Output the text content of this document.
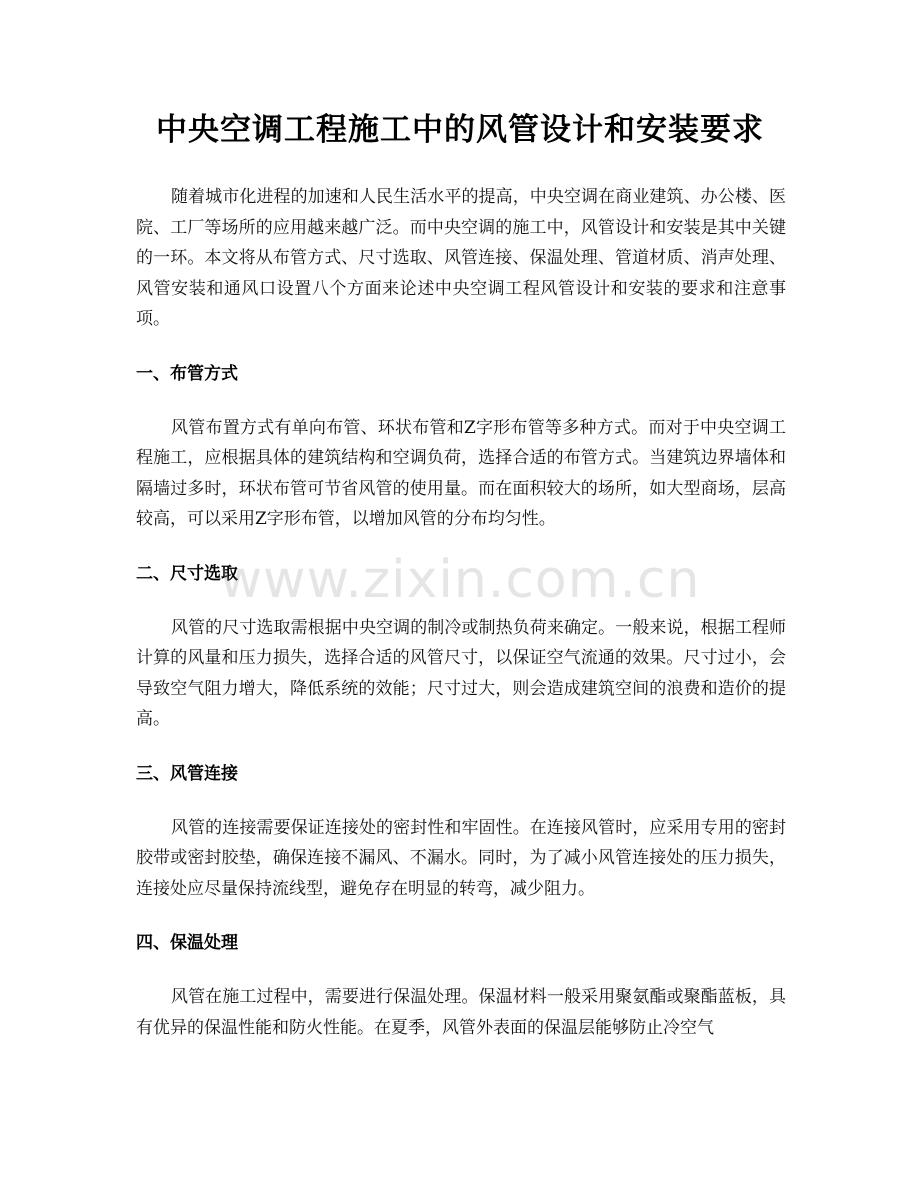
中央空调工程施工中的风管设计和安装要求

随着城市化进程的加速和人民生活水平的提高，中央空调在商业建筑、办公楼、医院、工厂等场所的应用越来越广泛。而中央空调的施工中，风管设计和安装是其中关键的一环。本文将从布管方式、尺寸选取、风管连接、保温处理、管道材质、消声处理、风管安装和通风口设置八个方面来论述中央空调工程风管设计和安装的要求和注意事项。

一、布管方式

风管布置方式有单向布管、环状布管和Z字形布管等多种方式。而对于中央空调工程施工，应根据具体的建筑结构和空调负荷，选择合适的布管方式。当建筑边界墙体和隔墙过多时，环状布管可节省风管的使用量。而在面积较大的场所，如大型商场，层高较高，可以采用Z字形布管，以增加风管的分布均匀性。

二、尺寸选取

风管的尺寸选取需根据中央空调的制冷或制热负荷来确定。一般来说，根据工程师计算的风量和压力损失，选择合适的风管尺寸，以保证空气流通的效果。尺寸过小，会导致空气阻力增大，降低系统的效能；尺寸过大，则会造成建筑空间的浪费和造价的提高。

三、风管连接

风管的连接需要保证连接处的密封性和牢固性。在连接风管时，应采用专用的密封胶带或密封胶垫，确保连接不漏风、不漏水。同时，为了减小风管连接处的压力损失，连接处应尽量保持流线型，避免存在明显的转弯，减少阻力。

四、保温处理

风管在施工过程中，需要进行保温处理。保温材料一般采用聚氨酯或聚酯蓝板，具有优异的保温性能和防火性能。在夏季，风管外表面的保温层能够防止冷空气

www.zixin.com.cn
